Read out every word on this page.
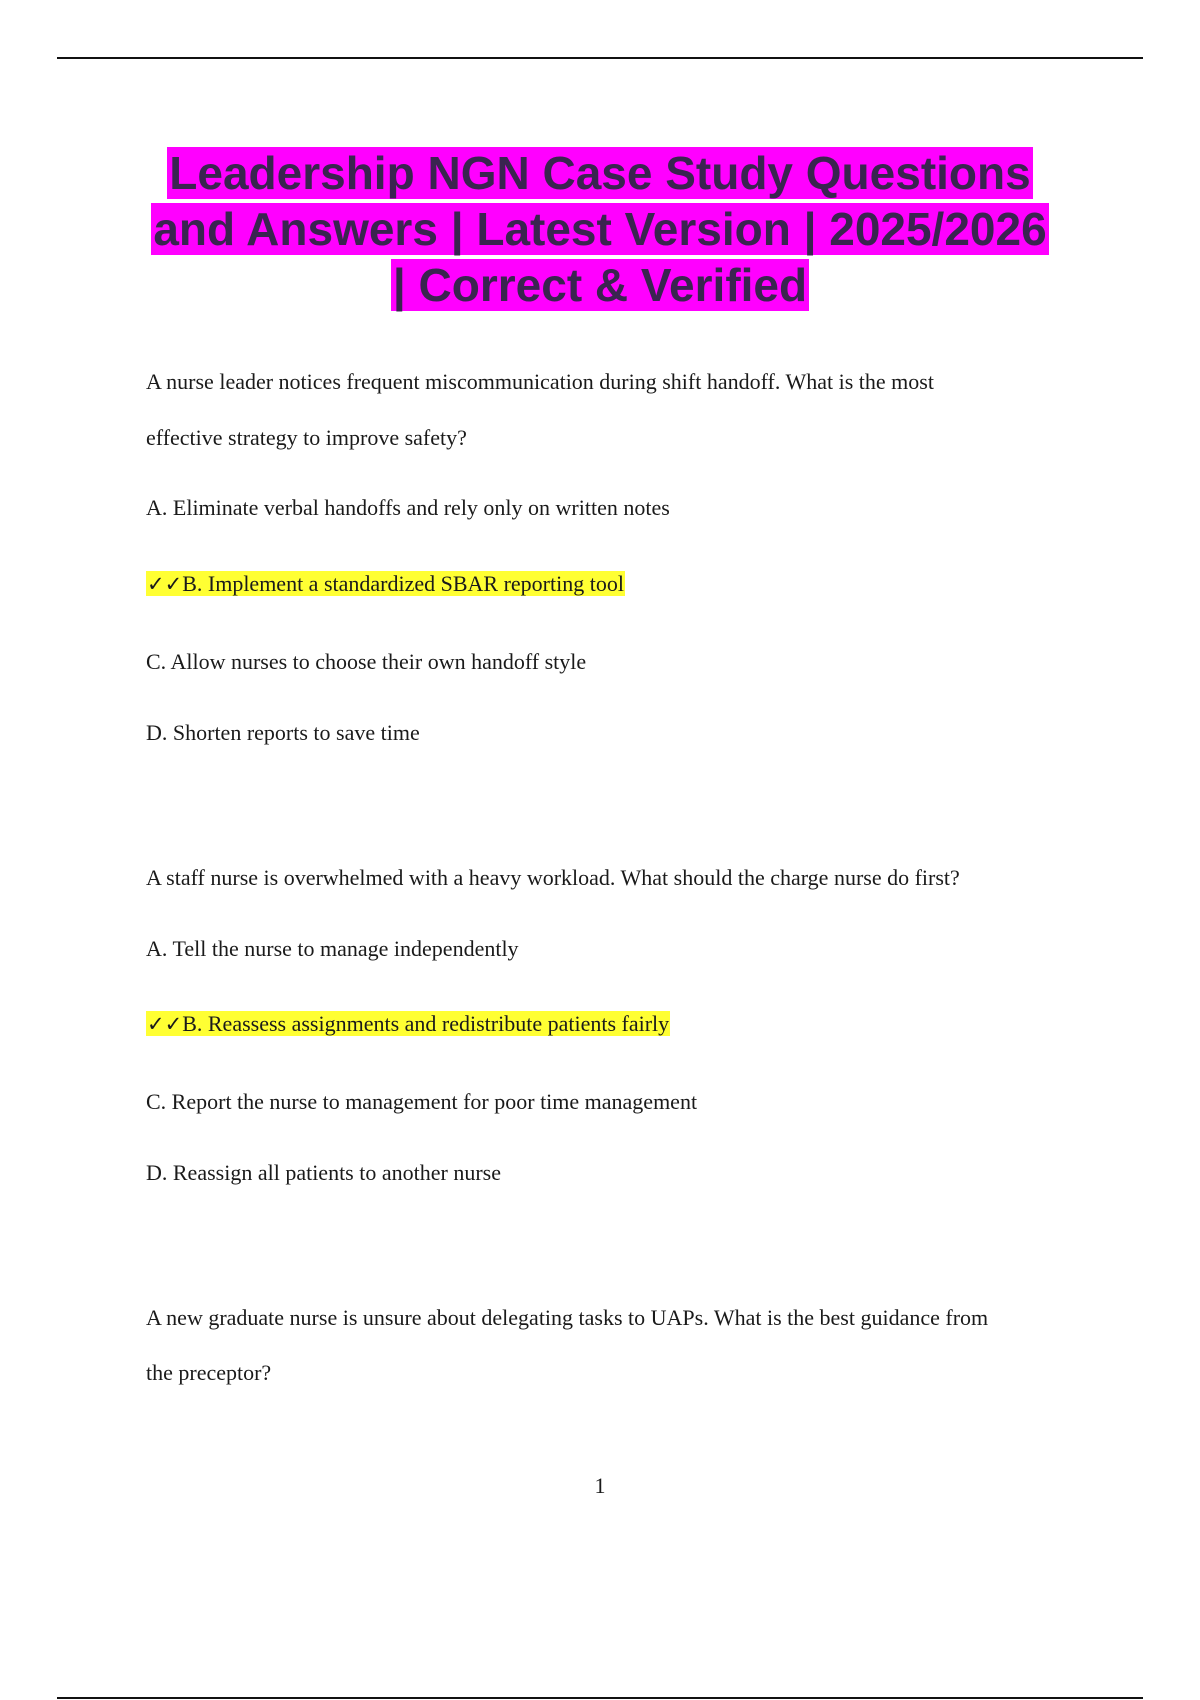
Leadership NGN Case Study Questions
and Answers | Latest Version | 2025/2026
| Correct & Verified
A nurse leader notices frequent miscommunication during shift handoff. What is the most
effective strategy to improve safety?
A. Eliminate verbal handoffs and rely only on written notes
✓✓B. Implement a standardized SBAR reporting tool
C. Allow nurses to choose their own handoff style
D. Shorten reports to save time
A staff nurse is overwhelmed with a heavy workload. What should the charge nurse do first?
A. Tell the nurse to manage independently
✓✓B. Reassess assignments and redistribute patients fairly
C. Report the nurse to management for poor time management
D. Reassign all patients to another nurse
A new graduate nurse is unsure about delegating tasks to UAPs. What is the best guidance from
the preceptor?
1
